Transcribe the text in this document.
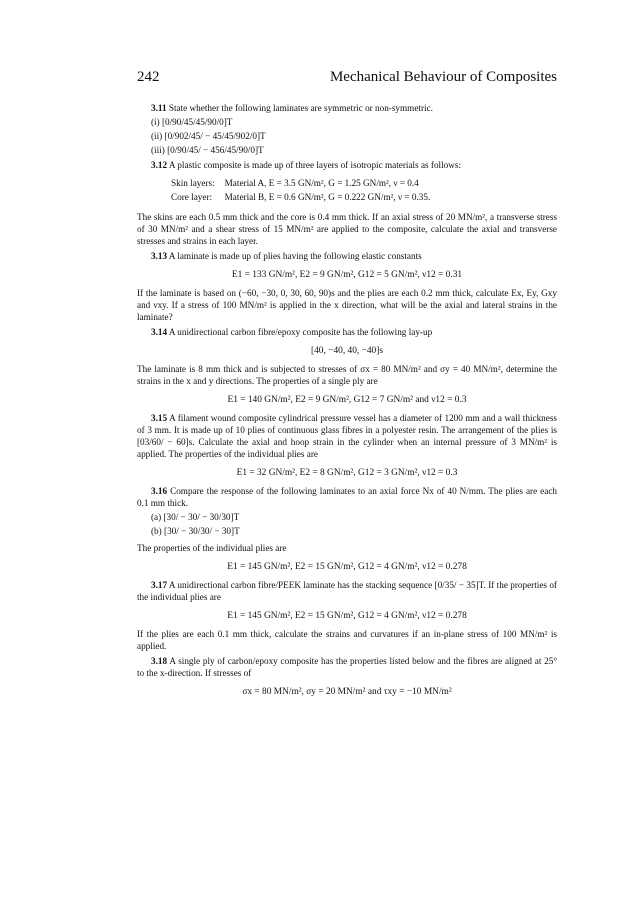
242	Mechanical Behaviour of Composites

3.11 State whether the following laminates are symmetric or non-symmetric.

(i) [0/90/45/45/90/0]T

(ii) [0/902/45/ − 45/45/902/0]T

(iii) [0/90/45/ − 456/45/90/0]T

3.12 A plastic composite is made up of three layers of isotropic materials as follows:

Skin layers:	Material A, E = 3.5 GN/m², G = 1.25 GN/m², ν = 0.4
Core layer:	Material B, E = 0.6 GN/m², G = 0.222 GN/m², ν = 0.35.

The skins are each 0.5 mm thick and the core is 0.4 mm thick. If an axial stress of 20 MN/m², a transverse stress of 30 MN/m² and a shear stress of 15 MN/m² are applied to the composite, calculate the axial and transverse stresses and strains in each layer.

3.13 A laminate is made up of plies having the following elastic constants

E1 = 133 GN/m², E2 = 9 GN/m², G12 = 5 GN/m², ν12 = 0.31

If the laminate is based on (−60, −30, 0, 30, 60, 90)s and the plies are each 0.2 mm thick, calculate Ex, Ey, Gxy and νxy. If a stress of 100 MN/m² is applied in the x direction, what will be the axial and lateral strains in the laminate?

3.14 A unidirectional carbon fibre/epoxy composite has the following lay-up

[40, −40, 40, −40]s

The laminate is 8 mm thick and is subjected to stresses of σx = 80 MN/m² and σy = 40 MN/m², determine the strains in the x and y directions. The properties of a single ply are

E1 = 140 GN/m², E2 = 9 GN/m², G12 = 7 GN/m² and ν12 = 0.3

3.15 A filament wound composite cylindrical pressure vessel has a diameter of 1200 mm and a wall thickness of 3 mm. It is made up of 10 plies of continuous glass fibres in a polyester resin. The arrangement of the plies is [03/60/ − 60]s. Calculate the axial and hoop strain in the cylinder when an internal pressure of 3 MN/m² is applied. The properties of the individual plies are

E1 = 32 GN/m², E2 = 8 GN/m², G12 = 3 GN/m², ν12 = 0.3

3.16 Compare the response of the following laminates to an axial force Nx of 40 N/mm. The plies are each 0.1 mm thick.

(a) [30/ − 30/ − 30/30]T

(b) [30/ − 30/30/ − 30]T

The properties of the individual plies are

E1 = 145 GN/m², E2 = 15 GN/m², G12 = 4 GN/m², ν12 = 0.278

3.17 A unidirectional carbon fibre/PEEK laminate has the stacking sequence [0/35/ − 35]T. If the properties of the individual plies are

E1 = 145 GN/m², E2 = 15 GN/m², G12 = 4 GN/m², ν12 = 0.278

If the plies are each 0.1 mm thick, calculate the strains and curvatures if an in-plane stress of 100 MN/m² is applied.

3.18 A single ply of carbon/epoxy composite has the properties listed below and the fibres are aligned at 25° to the x-direction. If stresses of

σx = 80 MN/m², σy = 20 MN/m² and τxy = −10 MN/m²
